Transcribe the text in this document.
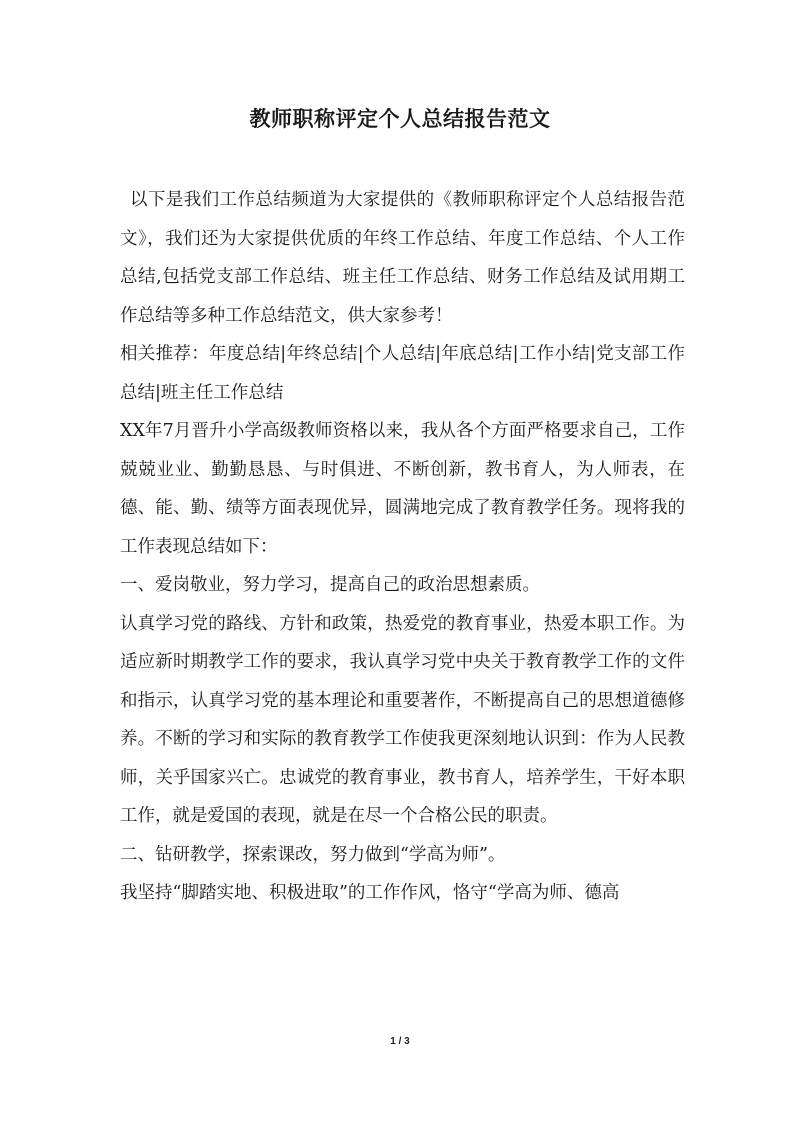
教师职称评定个人总结报告范文

以下是我们工作总结频道为大家提供的《教师职称评定个人总结报告范文》，我们还为大家提供优质的年终工作总结、年度工作总结、个人工作总结,包括党支部工作总结、班主任工作总结、财务工作总结及试用期工作总结等多种工作总结范文，供大家参考！

相关推荐：年度总结|年终总结|个人总结|年底总结|工作小结|党支部工作总结|班主任工作总结

XX年7月晋升小学高级教师资格以来，我从各个方面严格要求自己，工作兢兢业业、勤勤恳恳、与时俱进、不断创新，教书育人，为人师表，在德、能、勤、绩等方面表现优异，圆满地完成了教育教学任务。现将我的工作表现总结如下：

一、爱岗敬业，努力学习，提高自己的政治思想素质。

认真学习党的路线、方针和政策，热爱党的教育事业，热爱本职工作。为适应新时期教学工作的要求，我认真学习党中央关于教育教学工作的文件和指示，认真学习党的基本理论和重要著作，不断提高自己的思想道德修养。不断的学习和实际的教育教学工作使我更深刻地认识到：作为人民教师，关乎国家兴亡。忠诚党的教育事业，教书育人，培养学生，干好本职工作，就是爱国的表现，就是在尽一个合格公民的职责。

二、钻研教学，探索课改，努力做到“学高为师”。

我坚持“脚踏实地、积极进取”的工作作风，恪守“学高为师、德高

1 / 3
